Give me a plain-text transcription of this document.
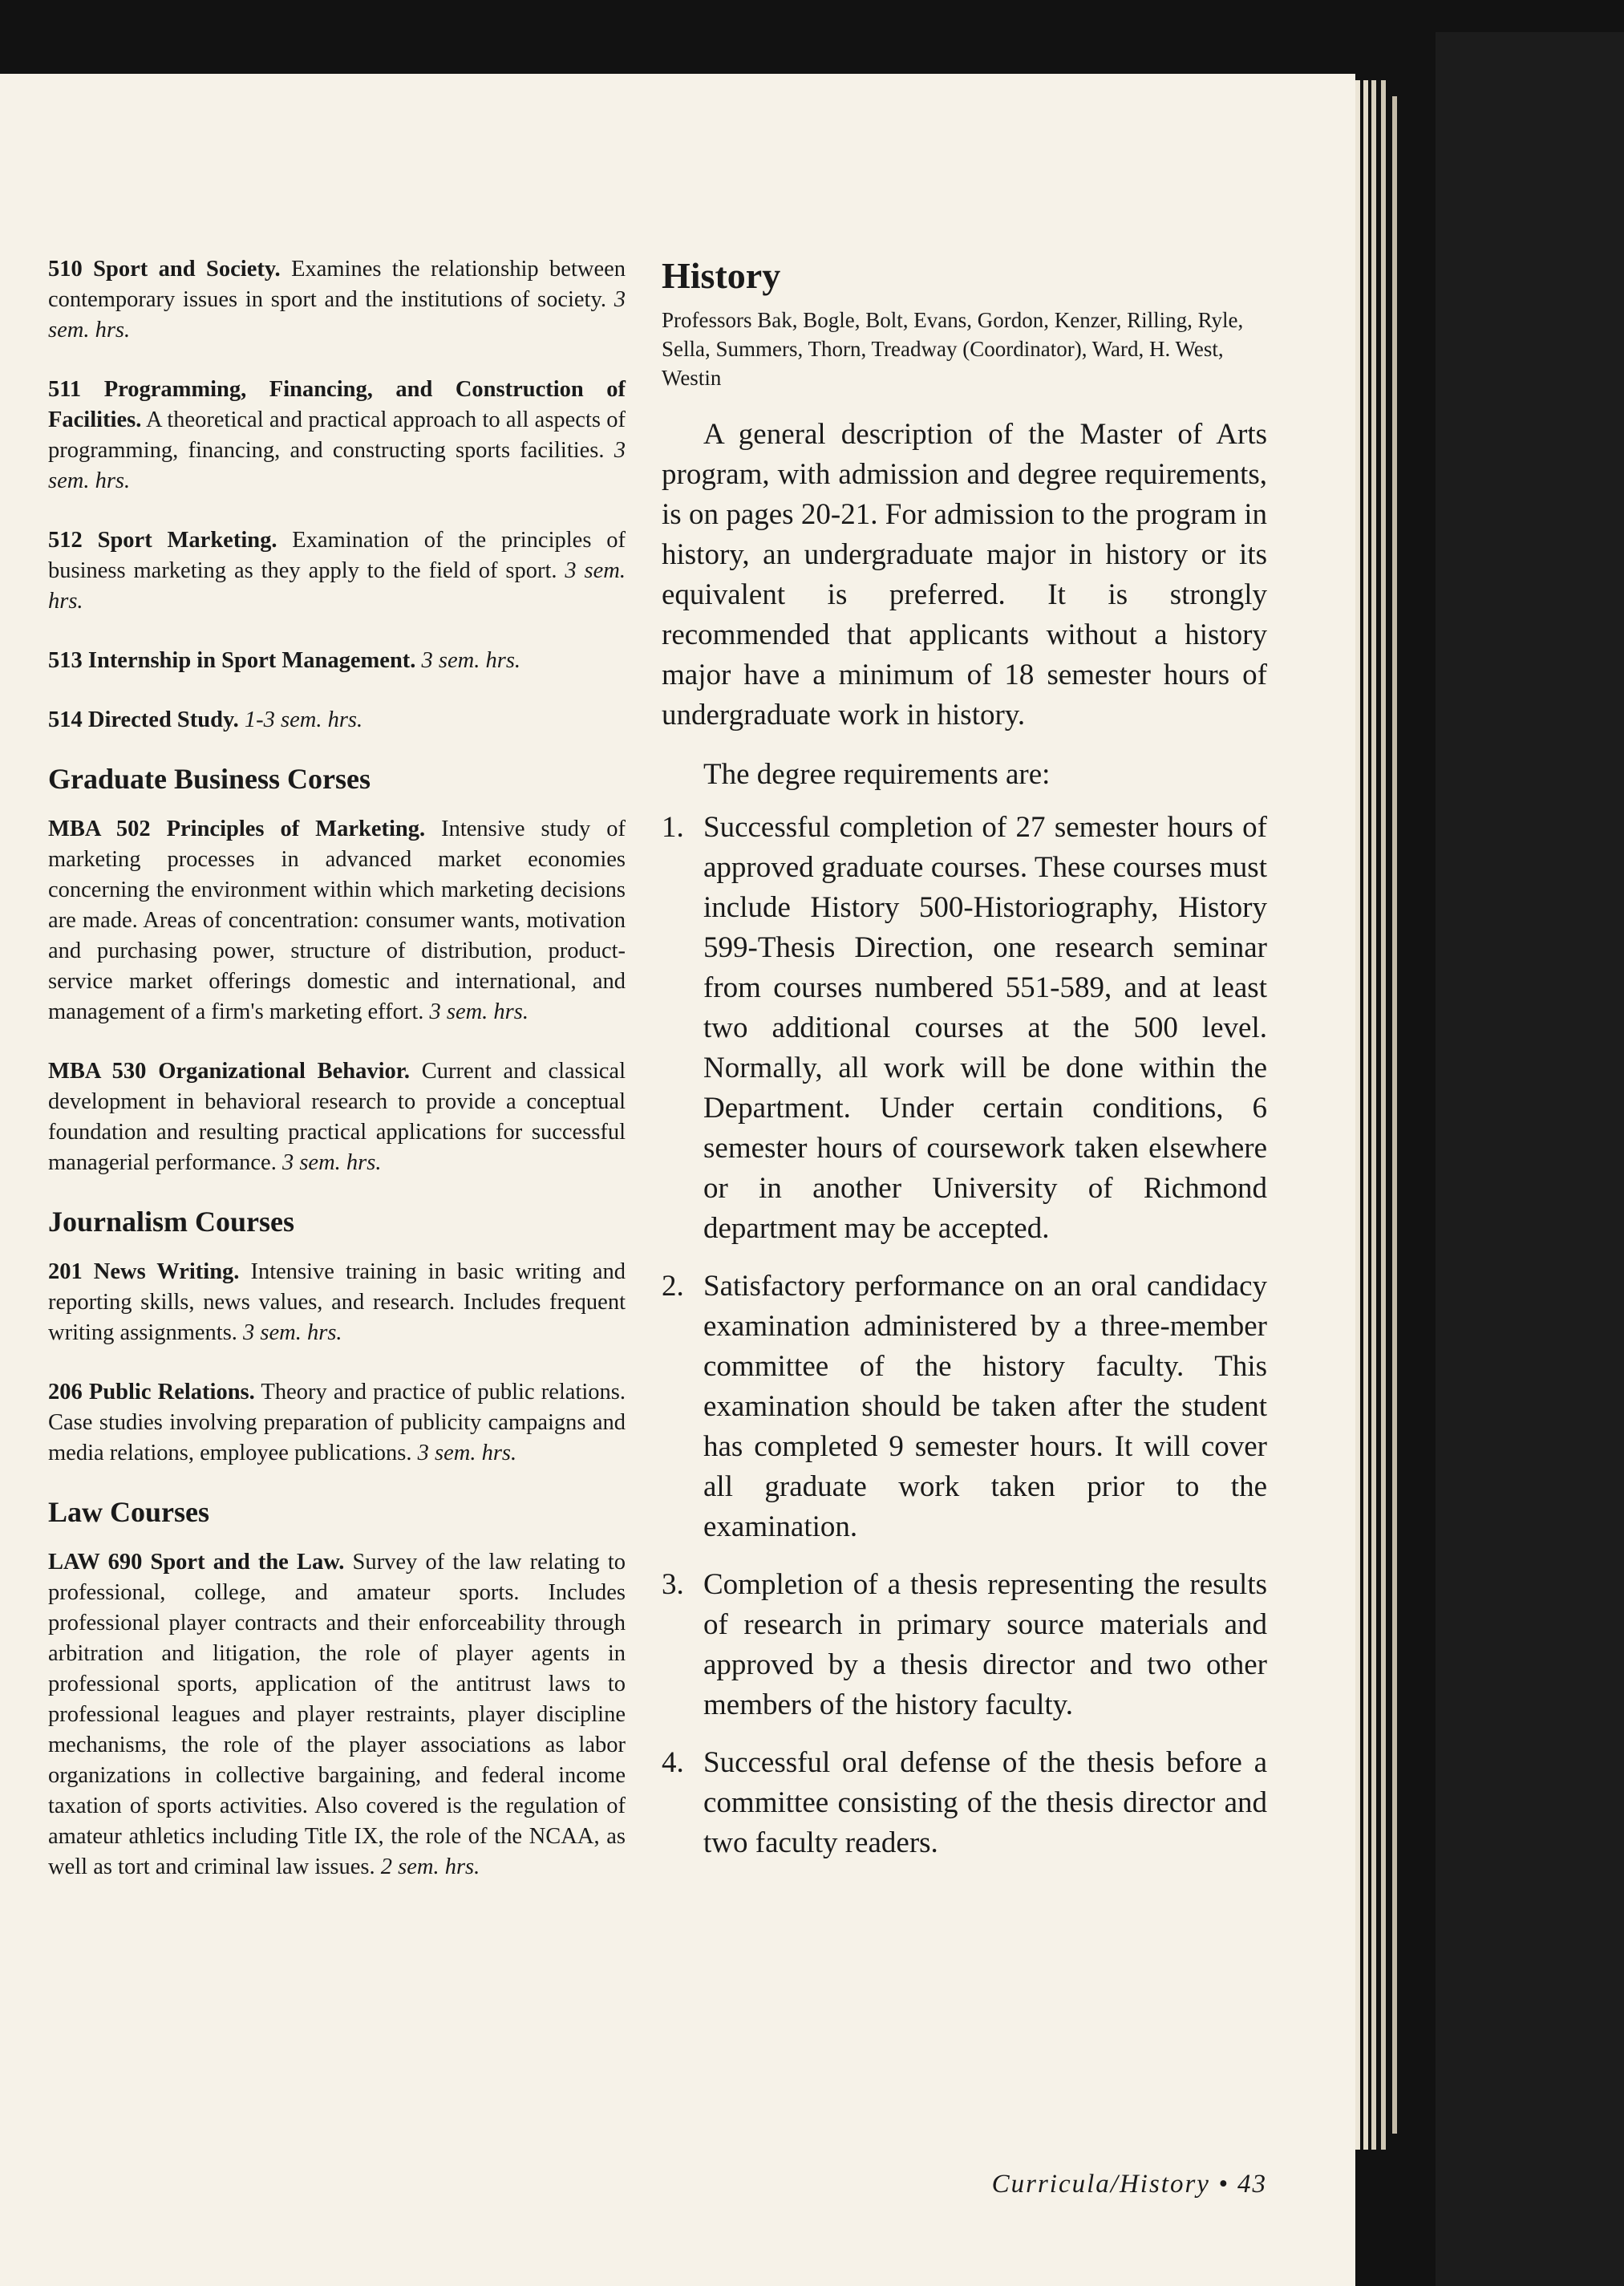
510 Sport and Society. Examines the relationship between contemporary issues in sport and the institutions of society. 3 sem. hrs.

511 Programming, Financing, and Construction of Facilities. A theoretical and practical approach to all aspects of programming, financing, and constructing sports facilities. 3 sem. hrs.

512 Sport Marketing. Examination of the principles of business marketing as they apply to the field of sport. 3 sem. hrs.

513 Internship in Sport Management. 3 sem. hrs.

514 Directed Study. 1-3 sem. hrs.

Graduate Business Corses

MBA 502 Principles of Marketing. Intensive study of marketing processes in advanced market economies concerning the environment within which marketing decisions are made. Areas of concentration: consumer wants, motivation and purchasing power, structure of distribution, product-service market offerings domestic and international, and management of a firm's marketing effort. 3 sem. hrs.

MBA 530 Organizational Behavior. Current and classical development in behavioral research to provide a conceptual foundation and resulting practical applications for successful managerial performance. 3 sem. hrs.

Journalism Courses

201 News Writing. Intensive training in basic writing and reporting skills, news values, and research. Includes frequent writing assignments. 3 sem. hrs.

206 Public Relations. Theory and practice of public relations. Case studies involving preparation of publicity campaigns and media relations, employee publications. 3 sem. hrs.

Law Courses

LAW 690 Sport and the Law. Survey of the law relating to professional, college, and amateur sports. Includes professional player contracts and their enforceability through arbitration and litigation, the role of player agents in professional sports, application of the antitrust laws to professional leagues and player restraints, player discipline mechanisms, the role of the player associations as labor organizations in collective bargaining, and federal income taxation of sports activities. Also covered is the regulation of amateur athletics including Title IX, the role of the NCAA, as well as tort and criminal law issues. 2 sem. hrs.

History

Professors Bak, Bogle, Bolt, Evans, Gordon, Kenzer, Rilling, Ryle, Sella, Summers, Thorn, Treadway (Coordinator), Ward, H. West, Westin

A general description of the Master of Arts program, with admission and degree requirements, is on pages 20-21. For admission to the program in history, an undergraduate major in history or its equivalent is preferred. It is strongly recommended that applicants without a history major have a minimum of 18 semester hours of undergraduate work in history.

The degree requirements are:

1. Successful completion of 27 semester hours of approved graduate courses. These courses must include History 500-Historiography, History 599-Thesis Direction, one research seminar from courses numbered 551-589, and at least two additional courses at the 500 level. Normally, all work will be done within the Department. Under certain conditions, 6 semester hours of coursework taken elsewhere or in another University of Richmond department may be accepted.
2. Satisfactory performance on an oral candidacy examination administered by a three-member committee of the history faculty. This examination should be taken after the student has completed 9 semester hours. It will cover all graduate work taken prior to the examination.
3. Completion of a thesis representing the results of research in primary source materials and approved by a thesis director and two other members of the history faculty.
4. Successful oral defense of the thesis before a committee consisting of the thesis director and two faculty readers.
Curricula/History • 43
